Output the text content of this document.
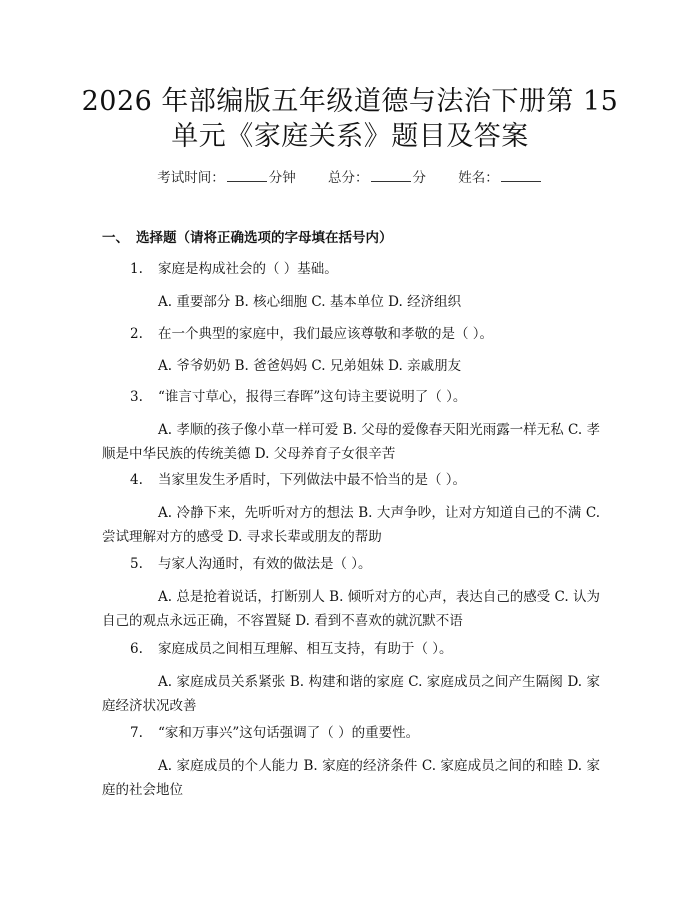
2026 年部编版五年级道德与法治下册第 15
单元《家庭关系》题目及答案
考试时间：	分钟 总分：	分 姓名：
一、 选择题（请将正确选项的字母填在括号内）
1. 家庭是构成社会的（ ）基础。
A. 重要部分 B. 核心细胞 C. 基本单位 D. 经济组织
2. 在一个典型的家庭中，我们最应该尊敬和孝敬的是（ ）。
A. 爷爷奶奶 B. 爸爸妈妈 C. 兄弟姐妹 D. 亲戚朋友
3. “谁言寸草心，报得三春晖”这句诗主要说明了（ ）。
A. 孝顺的孩子像小草一样可爱 B. 父母的爱像春天阳光雨露一样无私 C. 孝顺是中华民族的传统美德 D. 父母养育子女很辛苦
4. 当家里发生矛盾时，下列做法中最不恰当的是（ ）。
A. 冷静下来，先听听对方的想法 B. 大声争吵，让对方知道自己的不满 C. 尝试理解对方的感受 D. 寻求长辈或朋友的帮助
5. 与家人沟通时，有效的做法是（ ）。
A. 总是抢着说话，打断别人 B. 倾听对方的心声，表达自己的感受 C. 认为自己的观点永远正确，不容置疑 D. 看到不喜欢的就沉默不语
6. 家庭成员之间相互理解、相互支持，有助于（ ）。
A. 家庭成员关系紧张 B. 构建和谐的家庭 C. 家庭成员之间产生隔阂 D. 家庭经济状况改善
7. “家和万事兴”这句话强调了（ ）的重要性。
A. 家庭成员的个人能力 B. 家庭的经济条件 C. 家庭成员之间的和睦 D. 家庭的社会地位
